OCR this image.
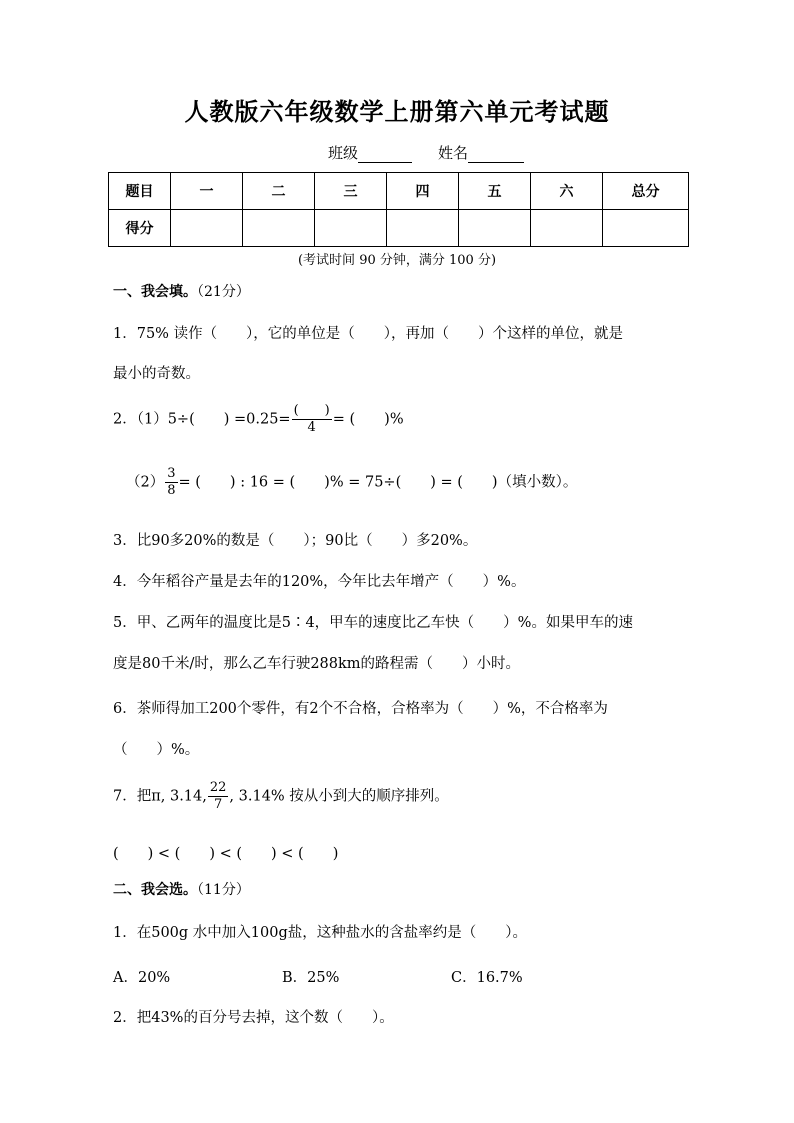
人教版六年级数学上册第六单元考试题
班级	姓名
题目	一	二	三	四	五	六	总分
得分							
(考试时间 90 分钟，满分 100 分)
一、我会填。（21分）
1．75% 读作（　　），它的单位是（　　），再加（　　）个这样的单位，就是
最小的奇数。
2．（1）5÷(　　) $=0.25= \frac{( )}{4}$ = (　　)%
$(2) \frac{3}{8}$ = (　　) : 16 = (　　)% = 75÷(　　) = (　　)（填小数）。
3．比90多20%的数是（　　）；90比（　　）多20%。
4．今年稻谷产量是去年的120%，今年比去年增产（　　）%。
5．甲、乙两年的温度比是5∶4，甲车的速度比乙车快（　　）%。如果甲车的速
度是80千米/时，那么乙车行驶288km的路程需（　　）小时。
6．茶师得加工200个零件，有2个不合格，合格率为（　　）%，不合格率为
（　　）%。
7．把π, 3.14, $\frac{22}{7}$ , 3.14% 按从小到大的顺序排列。
(　　) < (　　) < (　　) < (　　)
二、我会选。（11分）
1．在500g 水中加入100g盐，这种盐水的含盐率约是（　　）。
A．20%	B．25%	C．16.7%
2．把43%的百分号去掉，这个数（　　）。
